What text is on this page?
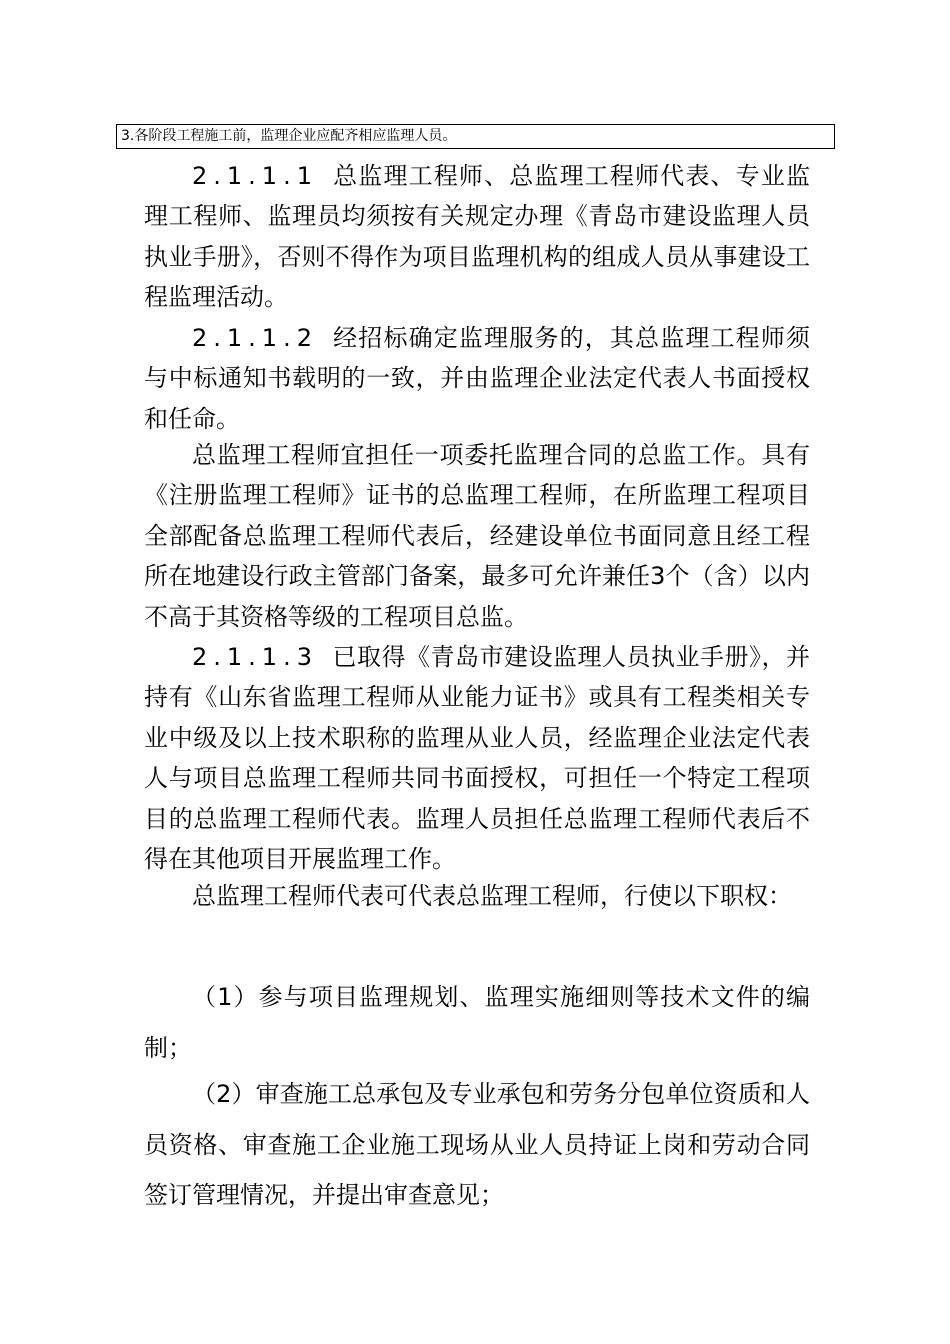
3.各阶段工程施工前，监理企业应配齐相应监理人员。

2.1.1.1 总监理工程师、总监理工程师代表、专业监理工程师、监理员均须按有关规定办理《青岛市建设监理人员执业手册》，否则不得作为项目监理机构的组成人员从事建设工程监理活动。

2.1.1.2 经招标确定监理服务的，其总监理工程师须与中标通知书载明的一致，并由监理企业法定代表人书面授权和任命。

总监理工程师宜担任一项委托监理合同的总监工作。具有《注册监理工程师》证书的总监理工程师，在所监理工程项目全部配备总监理工程师代表后，经建设单位书面同意且经工程所在地建设行政主管部门备案，最多可允许兼任3个（含）以内不高于其资格等级的工程项目总监。

2.1.1.3 已取得《青岛市建设监理人员执业手册》，并持有《山东省监理工程师从业能力证书》或具有工程类相关专业中级及以上技术职称的监理从业人员，经监理企业法定代表人与项目总监理工程师共同书面授权，可担任一个特定工程项目的总监理工程师代表。监理人员担任总监理工程师代表后不得在其他项目开展监理工作。

总监理工程师代表可代表总监理工程师，行使以下职权：

（1）参与项目监理规划、监理实施细则等技术文件的编制；

（2）审查施工总承包及专业承包和劳务分包单位资质和人员资格、审查施工企业施工现场从业人员持证上岗和劳动合同签订管理情况，并提出审查意见；
